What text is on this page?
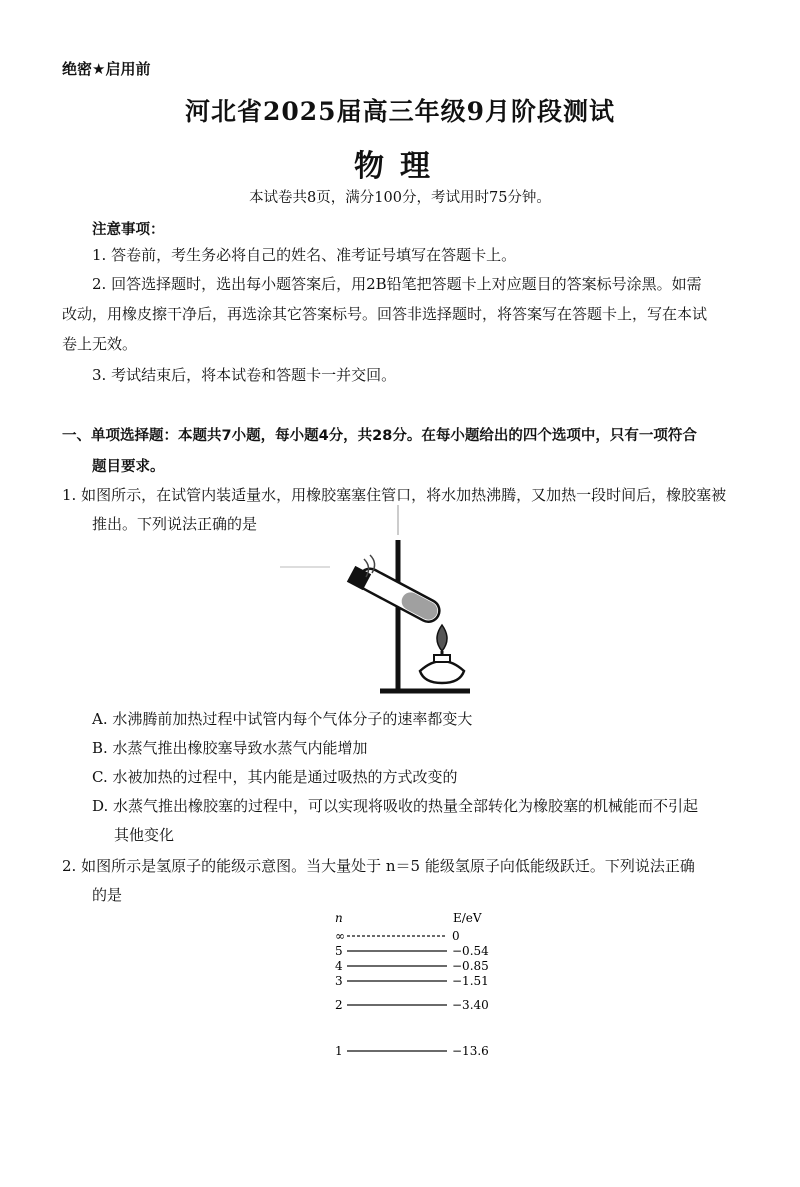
绝密★启用前
河北省2025届高三年级9月阶段测试
物理
本试卷共8页，满分100分，考试用时75分钟。
注意事项：
1. 答卷前，考生务必将自己的姓名、准考证号填写在答题卡上。
2. 回答选择题时，选出每小题答案后，用2B铅笔把答题卡上对应题目的答案标号涂黑。如需
改动，用橡皮擦干净后，再选涂其它答案标号。回答非选择题时，将答案写在答题卡上，写在本试
卷上无效。
3. 考试结束后，将本试卷和答题卡一并交回。
一、单项选择题：本题共7小题，每小题4分，共28分。在每小题给出的四个选项中，只有一项符合
题目要求。
1. 如图所示，在试管内装适量水，用橡胶塞塞住管口，将水加热沸腾，又加热一段时间后，橡胶塞被
推出。下列说法正确的是
A. 水沸腾前加热过程中试管内每个气体分子的速率都变大
B. 水蒸气推出橡胶塞导致水蒸气内能增加
C. 水被加热的过程中，其内能是通过吸热的方式改变的
D. 水蒸气推出橡胶塞的过程中，可以实现将吸收的热量全部转化为橡胶塞的机械能而不引起
其他变化
2. 如图所示是氢原子的能级示意图。当大量处于 n＝5 能级氢原子向低能级跃迁。下列说法正确
的是
n	E/eV
∞	0
5	−0.54
4	−0.85
3	−1.51
2	−3.40
1	−13.6
